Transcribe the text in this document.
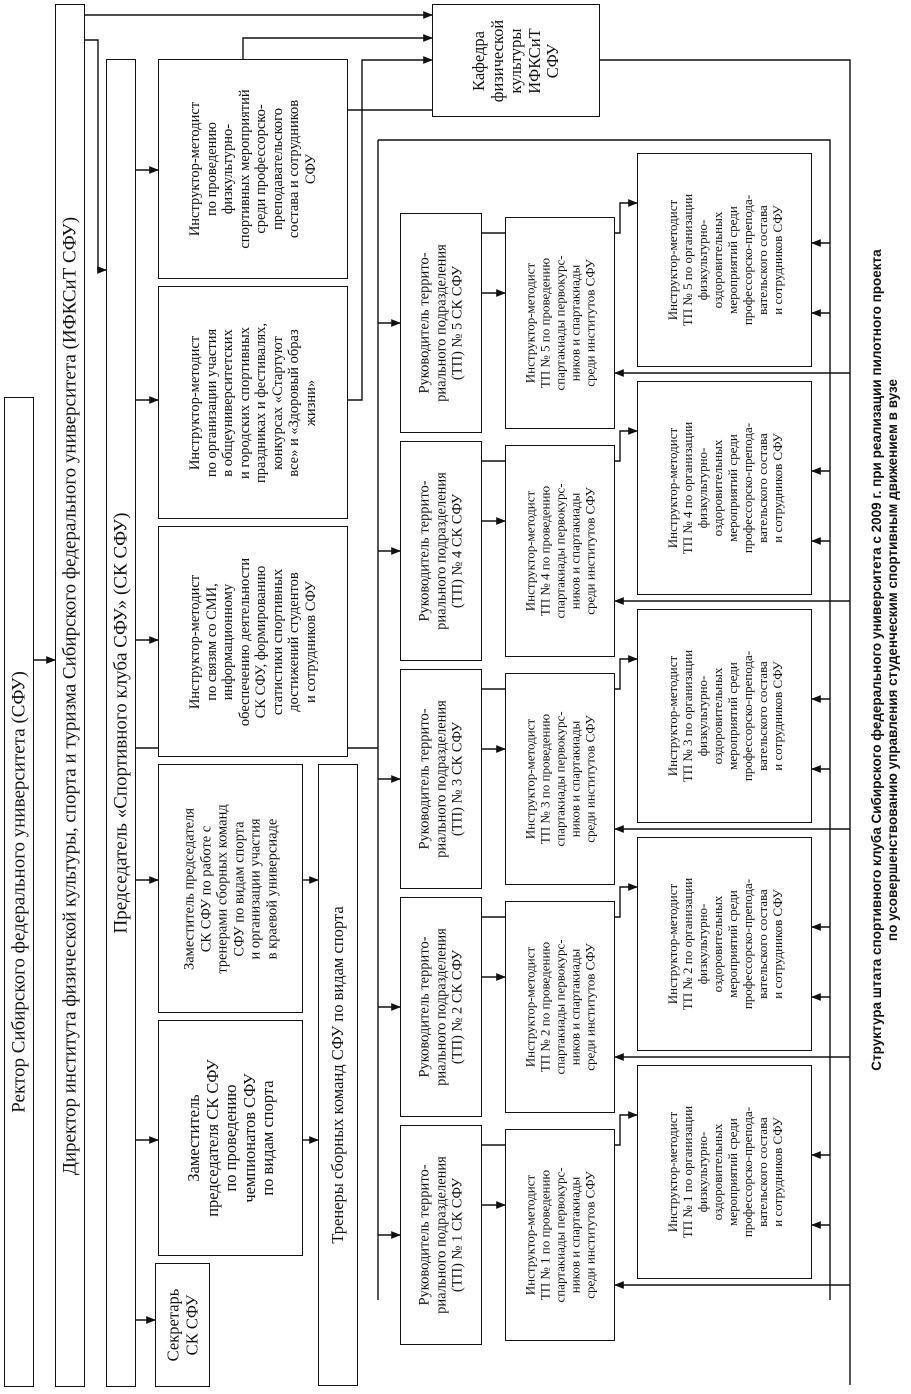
Ректор Сибирского федерального университета (СФУ) Директор института физической культуры, спорта и туризма Сибирского федерального университета (ИФКСиТ СФУ)
Кафедра
физической
культуры
ИФКСиТ
СФУ
Председатель «Спортивного клуба СФУ» (СК СФУ)
Секретарь
СК СФУ
Заместитель
председателя СК СФУ
по проведению
чемпионатов СФУ
по видам спорта
Заместитель председателя
СК СФУ по работе с
тренерами сборных команд
СФУ по видам спорта
и организации участия
в краевой универсиаде
Тренеры сборных команд СФУ по видам спорта
Инструктор-методист
по связям со СМИ,
информационному
обеспечению деятельности
СК СФУ, формированию
статистики спортивных
достижений студентов
и сотрудников СФУ
Инструктор-методист
по организации участия
в общеуниверситетских
и городских спортивных
праздниках и фестивалях,
конкурсах «Стартуют
все» и «Здоровый образ
жизни»
Инструктор-методист
по проведению
физкультурно-
спортивных мероприятий
среди профессорско-
преподавательского
состава и сотрудников
СФУ
Руководитель террито-
риального подразделения
(ТП) № 1 СК СФУ	Инструктор-методист
ТП № 1 по проведению
спартакиады первокурс-
ников и спартакиады
среди институтов СФУ	Инструктор-методист
ТП № 1 по организации
физкультурно-
оздоровительных
мероприятий среди
профессорско-препода-
вательского состава
и сотрудников СФУ
Руководитель террито-
риального подразделения
(ТП) № 2 СК СФУ	Инструктор-методист
ТП № 2 по проведению
спартакиады первокурс-
ников и спартакиады
среди институтов СФУ	Инструктор-методист
ТП № 2 по организации
физкультурно-
оздоровительных
мероприятий среди
профессорско-препода-
вательского состава
и сотрудников СФУ
Руководитель террито-
риального подразделения
(ТП) № 3 СК СФУ	Инструктор-методист
ТП № 3 по проведению
спартакиады первокурс-
ников и спартакиады
среди институтов СФУ	Инструктор-методист
ТП № 3 по организации
физкультурно-
оздоровительных
мероприятий среди
профессорско-препода-
вательского состава
и сотрудников СФУ
Руководитель террито-
риального подразделения
(ТП) № 4 СК СФУ	Инструктор-методист
ТП № 4 по проведению
спартакиады первокурс-
ников и спартакиады
среди институтов СФУ	Инструктор-методист
ТП № 4 по организации
физкультурно-
оздоровительных
мероприятий среди
профессорско-препода-
вательского состава
и сотрудников СФУ
Руководитель террито-
риального подразделения
(ТП) № 5 СК СФУ	Инструктор-методист
ТП № 5 по проведению
спартакиады первокурс-
ников и спартакиады
среди институтов СФУ	Инструктор-методист
ТП № 5 по организации
физкультурно-
оздоровительных
мероприятий среди
профессорско-препода-
вательского состава
и сотрудников СФУ
Структура штата спортивного клуба Сибирского федерального университета с 2009 г. при реализации пилотного проекта по усовершенствованию управления студенческим спортивным движением в вузе
